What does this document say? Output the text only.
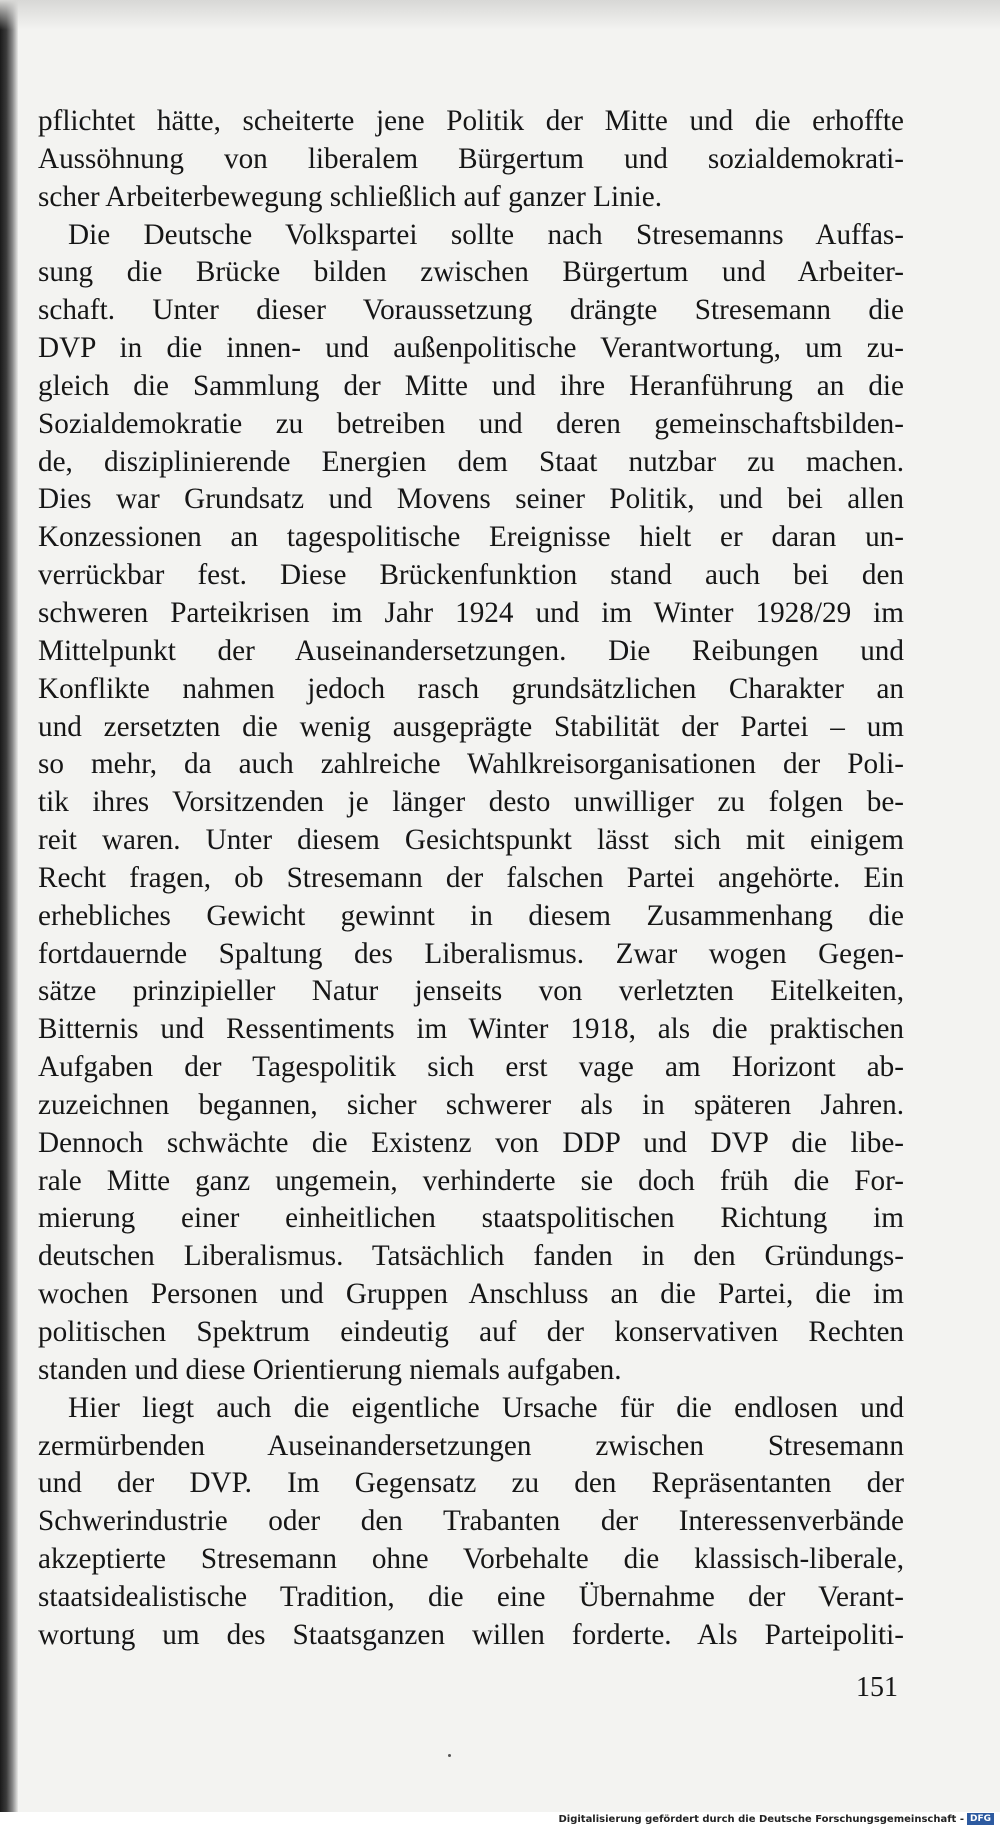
pflichtet hätte, scheiterte jene Politik der Mitte und die erhoffte
Aussöhnung von liberalem Bürgertum und sozialdemokrati-
scher Arbeiterbewegung schließlich auf ganzer Linie.
Die Deutsche Volkspartei sollte nach Stresemanns Auffas-
sung die Brücke bilden zwischen Bürgertum und Arbeiter-
schaft. Unter dieser Voraussetzung drängte Stresemann die
DVP in die innen- und außenpolitische Verantwortung, um zu-
gleich die Sammlung der Mitte und ihre Heranführung an die
Sozialdemokratie zu betreiben und deren gemeinschaftsbilden-
de, disziplinierende Energien dem Staat nutzbar zu machen.
Dies war Grundsatz und Movens seiner Politik, und bei allen
Konzessionen an tagespolitische Ereignisse hielt er daran un-
verrückbar fest. Diese Brückenfunktion stand auch bei den
schweren Parteikrisen im Jahr 1924 und im Winter 1928/29 im
Mittelpunkt der Auseinandersetzungen. Die Reibungen und
Konflikte nahmen jedoch rasch grundsätzlichen Charakter an
und zersetzten die wenig ausgeprägte Stabilität der Partei – um
so mehr, da auch zahlreiche Wahlkreisorganisationen der Poli-
tik ihres Vorsitzenden je länger desto unwilliger zu folgen be-
reit waren. Unter diesem Gesichtspunkt lässt sich mit einigem
Recht fragen, ob Stresemann der falschen Partei angehörte. Ein
erhebliches Gewicht gewinnt in diesem Zusammenhang die
fortdauernde Spaltung des Liberalismus. Zwar wogen Gegen-
sätze prinzipieller Natur jenseits von verletzten Eitelkeiten,
Bitternis und Ressentiments im Winter 1918, als die praktischen
Aufgaben der Tagespolitik sich erst vage am Horizont ab-
zuzeichnen begannen, sicher schwerer als in späteren Jahren.
Dennoch schwächte die Existenz von DDP und DVP die libe-
rale Mitte ganz ungemein, verhinderte sie doch früh die For-
mierung einer einheitlichen staatspolitischen Richtung im
deutschen Liberalismus. Tatsächlich fanden in den Gründungs-
wochen Personen und Gruppen Anschluss an die Partei, die im
politischen Spektrum eindeutig auf der konservativen Rechten
standen und diese Orientierung niemals aufgaben.
Hier liegt auch die eigentliche Ursache für die endlosen und
zermürbenden Auseinandersetzungen zwischen Stresemann
und der DVP. Im Gegensatz zu den Repräsentanten der
Schwerindustrie oder den Trabanten der Interessenverbände
akzeptierte Stresemann ohne Vorbehalte die klassisch-liberale,
staatsidealistische Tradition, die eine Übernahme der Verant-
wortung um des Staatsganzen willen forderte. Als Parteipoliti-
151
Digitalisierung gefördert durch die Deutsche Forschungsgemeinschaft - DFG
